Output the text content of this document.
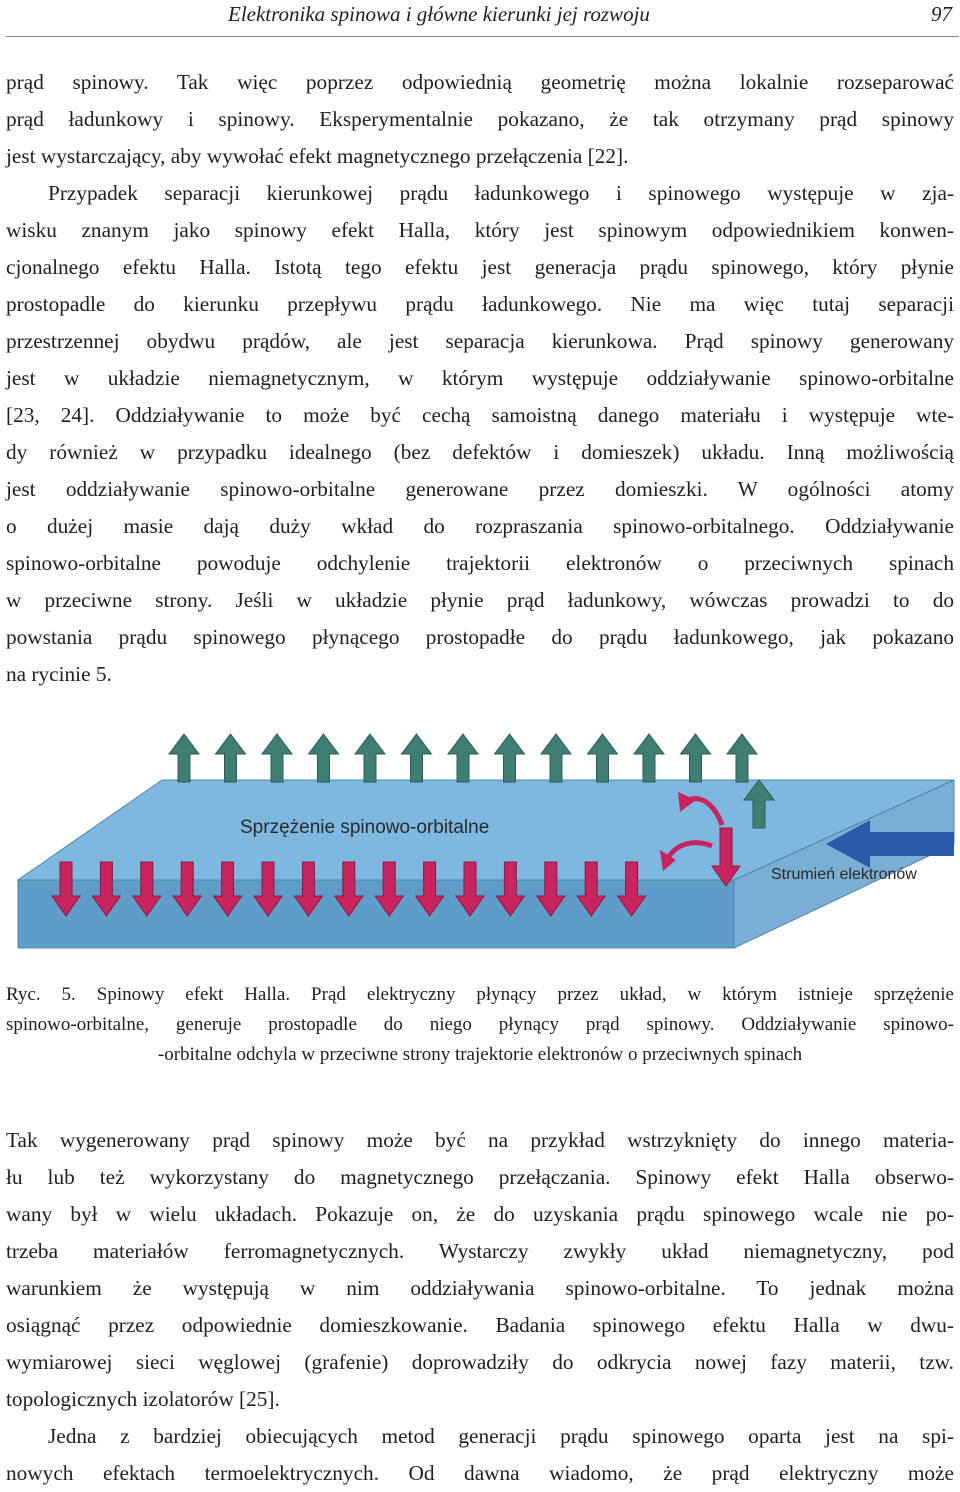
Elektronika spinowa i główne kierunki jej rozwoju	97

prąd spinowy. Tak więc poprzez odpowiednią geometrię można lokalnie rozseparować
prąd ładunkowy i spinowy. Eksperymentalnie pokazano, że tak otrzymany prąd spinowy
jest wystarczający, aby wywołać efekt magnetycznego przełączenia [22].

Przypadek separacji kierunkowej prądu ładunkowego i spinowego występuje w zja-
wisku znanym jako spinowy efekt Halla, który jest spinowym odpowiednikiem konwen-
cjonalnego efektu Halla. Istotą tego efektu jest generacja prądu spinowego, który płynie
prostopadle do kierunku przepływu prądu ładunkowego. Nie ma więc tutaj separacji
przestrzennej obydwu prądów, ale jest separacja kierunkowa. Prąd spinowy generowany
jest w układzie niemagnetycznym, w którym występuje oddziaływanie spinowo-orbitalne
[23, 24]. Oddziaływanie to może być cechą samoistną danego materiału i występuje wte-
dy również w przypadku idealnego (bez defektów i domieszek) układu. Inną możliwością
jest oddziaływanie spinowo-orbitalne generowane przez domieszki. W ogólności atomy
o dużej masie dają duży wkład do rozpraszania spinowo-orbitalnego. Oddziaływanie
spinowo-orbitalne powoduje odchylenie trajektorii elektronów o przeciwnych spinach
w przeciwne strony. Jeśli w układzie płynie prąd ładunkowy, wówczas prowadzi to do
powstania prądu spinowego płynącego prostopadłe do prądu ładunkowego, jak pokazano
na rycinie 5.

Sprzężenie spinowo-orbitalne
Strumień elektronów
Ryc. 5. Spinowy efekt Halla. Prąd elektryczny płynący przez układ, w którym istnieje sprzężenie
spinowo-orbitalne, generuje prostopadle do niego płynący prąd spinowy. Oddziaływanie spinowo-
-orbitalne odchyla w przeciwne strony trajektorie elektronów o przeciwnych spinach

Tak wygenerowany prąd spinowy może być na przykład wstrzyknięty do innego materia-
łu lub też wykorzystany do magnetycznego przełączania. Spinowy efekt Halla obserwo-
wany był w wielu układach. Pokazuje on, że do uzyskania prądu spinowego wcale nie po-
trzeba materiałów ferromagnetycznych. Wystarczy zwykły układ niemagnetyczny, pod
warunkiem że występują w nim oddziaływania spinowo-orbitalne. To jednak można
osiągnąć przez odpowiednie domieszkowanie. Badania spinowego efektu Halla w dwu-
wymiarowej sieci węglowej (grafenie) doprowadziły do odkrycia nowej fazy materii, tzw.
topologicznych izolatorów [25].

Jedna z bardziej obiecujących metod generacji prądu spinowego oparta jest na spi-
nowych efektach termoelektrycznych. Od dawna wiadomo, że prąd elektryczny może
